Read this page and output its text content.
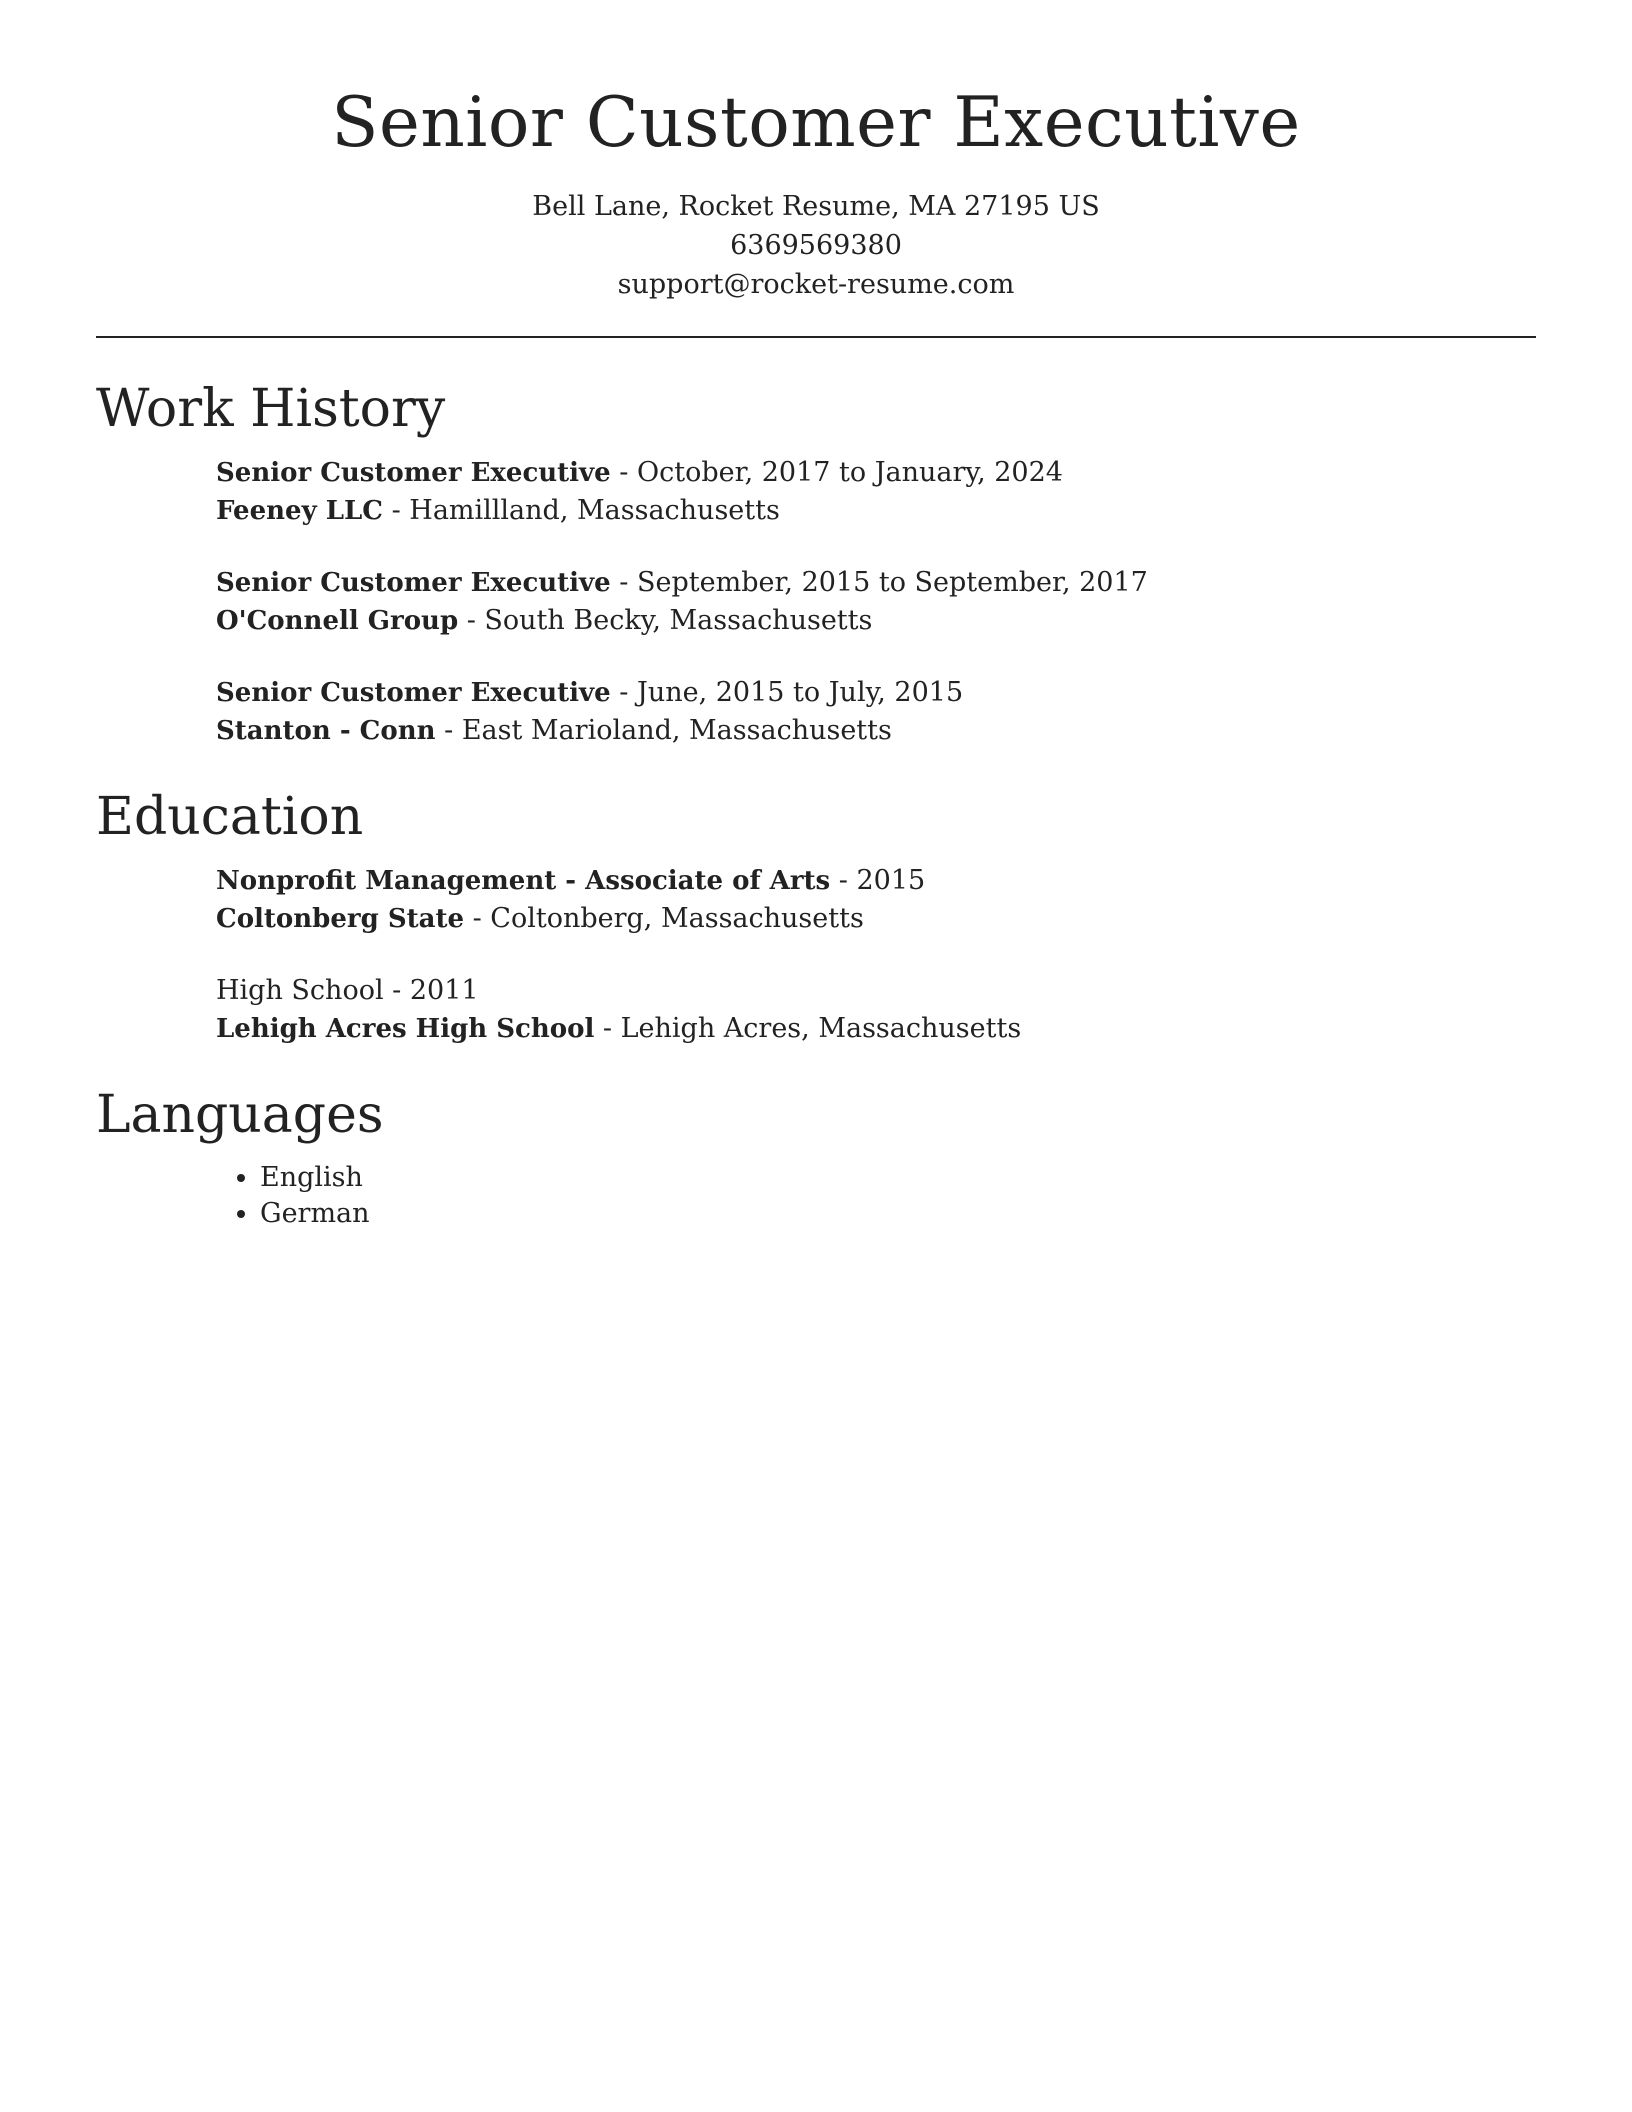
Senior Customer Executive
Bell Lane, Rocket Resume, MA 27195 US
6369569380
support@rocket-resume.com
Work History
Senior Customer Executive - October, 2017 to January, 2024
Feeney LLC - Hamillland, Massachusetts
Senior Customer Executive - September, 2015 to September, 2017
O'Connell Group - South Becky, Massachusetts
Senior Customer Executive - June, 2015 to July, 2015
Stanton - Conn - East Marioland, Massachusetts
Education
Nonprofit Management - Associate of Arts - 2015
Coltonberg State - Coltonberg, Massachusetts
High School - 2011
Lehigh Acres High School - Lehigh Acres, Massachusetts
Languages
• English
• German
